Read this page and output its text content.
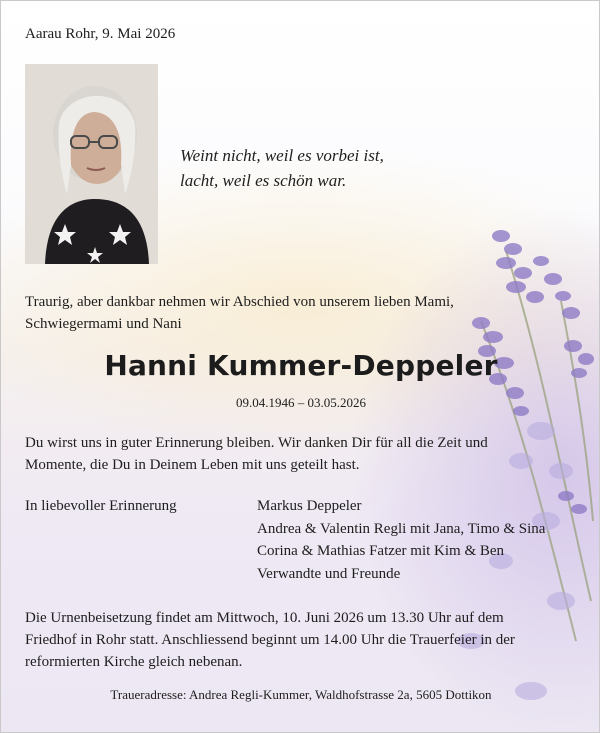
Aarau Rohr, 9. Mai 2026
Weint nicht, weil es vorbei ist,
lacht, weil es schön war.
Traurig, aber dankbar nehmen wir Abschied von unserem lieben Mami,
Schwiegermami und Nani
Hanni Kummer-Deppeler
09.04.1946 – 03.05.2026
Du wirst uns in guter Erinnerung bleiben. Wir danken Dir für all die Zeit und
Momente, die Du in Deinem Leben mit uns geteilt hast.
In liebevoller Erinnerung	Markus Deppeler
Andrea & Valentin Regli mit Jana, Timo & Sina
Corina & Mathias Fatzer mit Kim & Ben
Verwandte und Freunde
Die Urnenbeisetzung findet am Mittwoch, 10. Juni 2026 um 13.30 Uhr auf dem
Friedhof in Rohr statt. Anschliessend beginnt um 14.00 Uhr die Trauerfeier in der
reformierten Kirche gleich nebenan.
Traueradresse: Andrea Regli-Kummer, Waldhofstrasse 2a, 5605 Dottikon
